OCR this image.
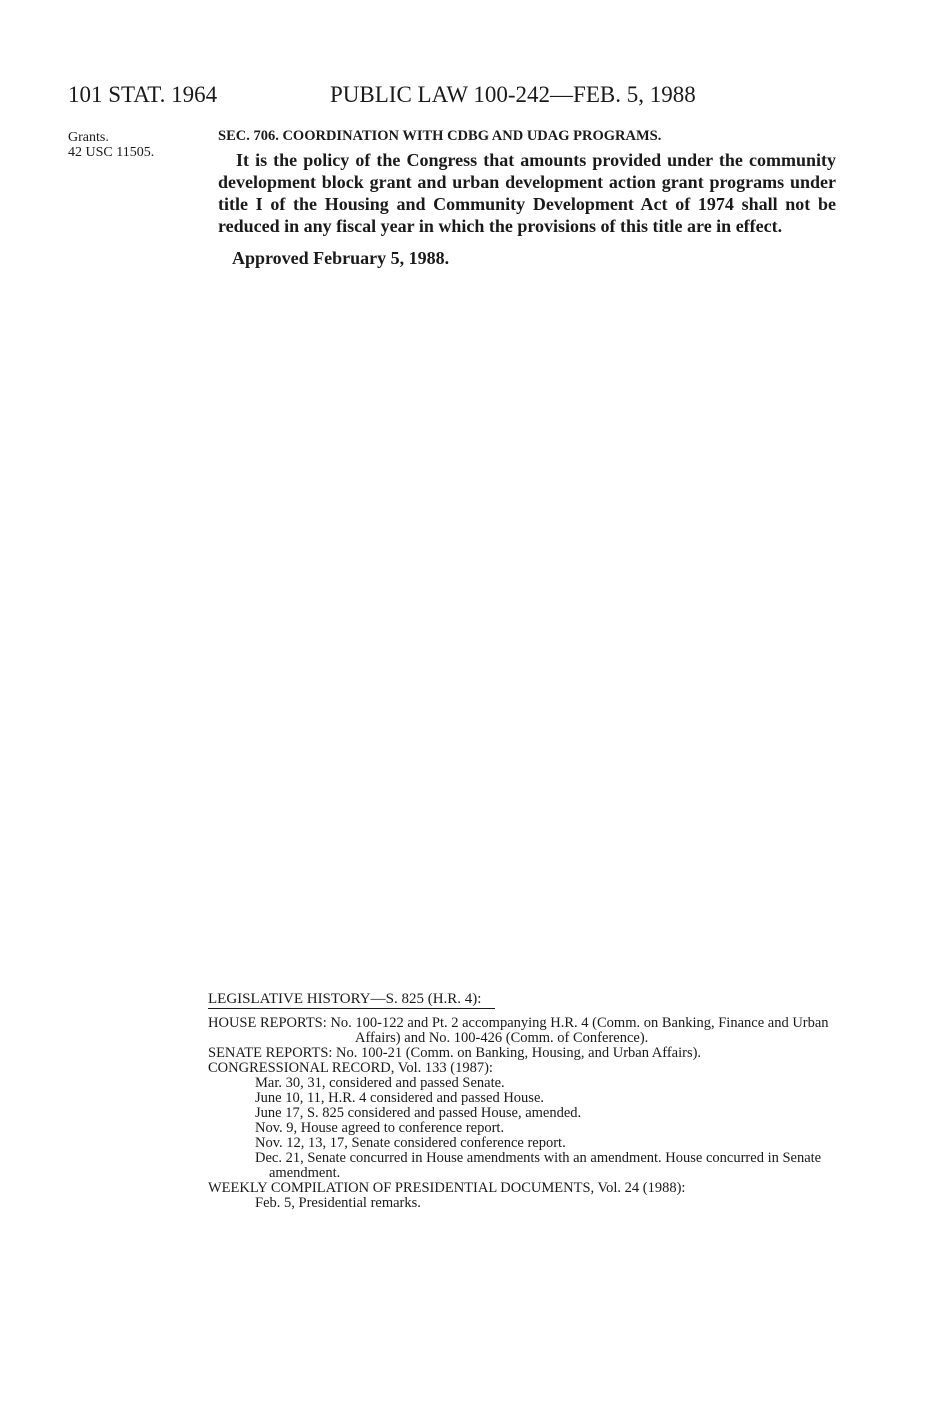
101 STAT. 1964	PUBLIC LAW 100-242—FEB. 5, 1988
Grants.
42 USC 11505.

SEC. 706. COORDINATION WITH CDBG AND UDAG PROGRAMS.

It is the policy of the Congress that amounts provided under the community development block grant and urban development action grant programs under title I of the Housing and Community Development Act of 1974 shall not be reduced in any fiscal year in which the provisions of this title are in effect.

Approved February 5, 1988.

LEGISLATIVE HISTORY—S. 825 (H.R. 4):

HOUSE REPORTS: No. 100-122 and Pt. 2 accompanying H.R. 4 (Comm. on Banking, Finance and Urban Affairs) and No. 100-426 (Comm. of Conference).

SENATE REPORTS: No. 100-21 (Comm. on Banking, Housing, and Urban Affairs).

CONGRESSIONAL RECORD, Vol. 133 (1987):

Mar. 30, 31, considered and passed Senate.

June 10, 11, H.R. 4 considered and passed House.

June 17, S. 825 considered and passed House, amended.

Nov. 9, House agreed to conference report.

Nov. 12, 13, 17, Senate considered conference report.

Dec. 21, Senate concurred in House amendments with an amendment. House concurred in Senate amendment.

WEEKLY COMPILATION OF PRESIDENTIAL DOCUMENTS, Vol. 24 (1988):

Feb. 5, Presidential remarks.
